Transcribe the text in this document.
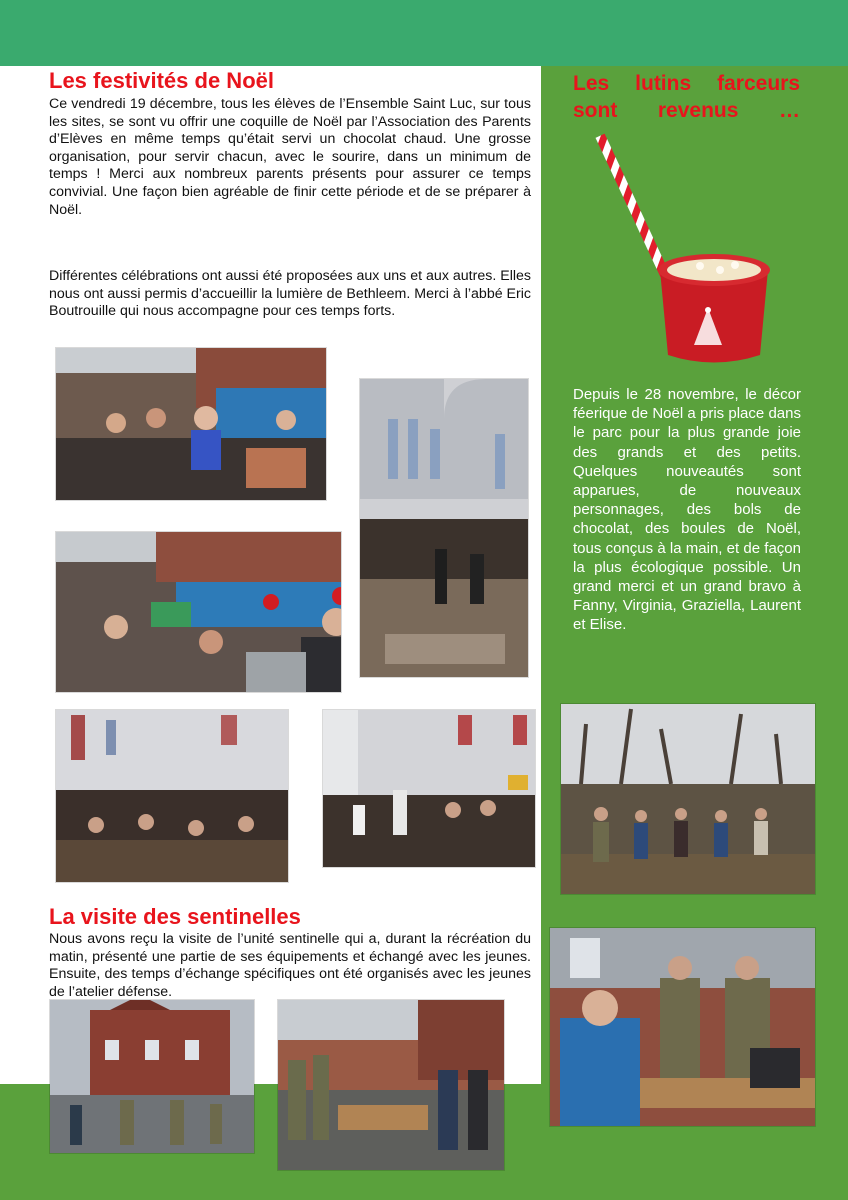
Les festivités de Noël

Ce vendredi 19 décembre, tous les élèves de l’Ensemble Saint Luc, sur tous les sites, se sont vu offrir une coquille de Noël par l’Association des Parents d’Elèves en même temps qu’était servi un chocolat chaud. Une grosse organisation, pour servir chacun, avec le sourire, dans un minimum de temps ! Merci aux nombreux parents présents pour assurer ce temps convivial. Une façon bien agréable de finir cette période et de se préparer à Noël.

Différentes célébrations ont aussi été proposées aux uns et aux autres. Elles nous ont aussi permis d’accueillir la lumière de Bethleem. Merci à l’abbé Eric Boutrouille qui nous accompagne pour ces temps forts.

La visite des sentinelles

Nous avons reçu la visite de l’unité sentinelle qui a, durant la récréation du matin, présenté une partie de ses équipements et échangé avec les jeunes. Ensuite, des temps d’échange spécifiques ont été organisés avec les jeunes de l’atelier défense.

Les lutins farceurs sont revenus …

Depuis le 28 novembre, le décor féerique de Noël a pris place dans le parc pour la plus grande joie des grands et des petits. Quelques nouveautés sont apparues, de nouveaux personnages, des bols de chocolat, des boules de Noël, tous conçus à la main, et de façon la plus écologique possible. Un grand merci et un grand bravo à Fanny, Virginia, Graziella, Laurent et Elise.
